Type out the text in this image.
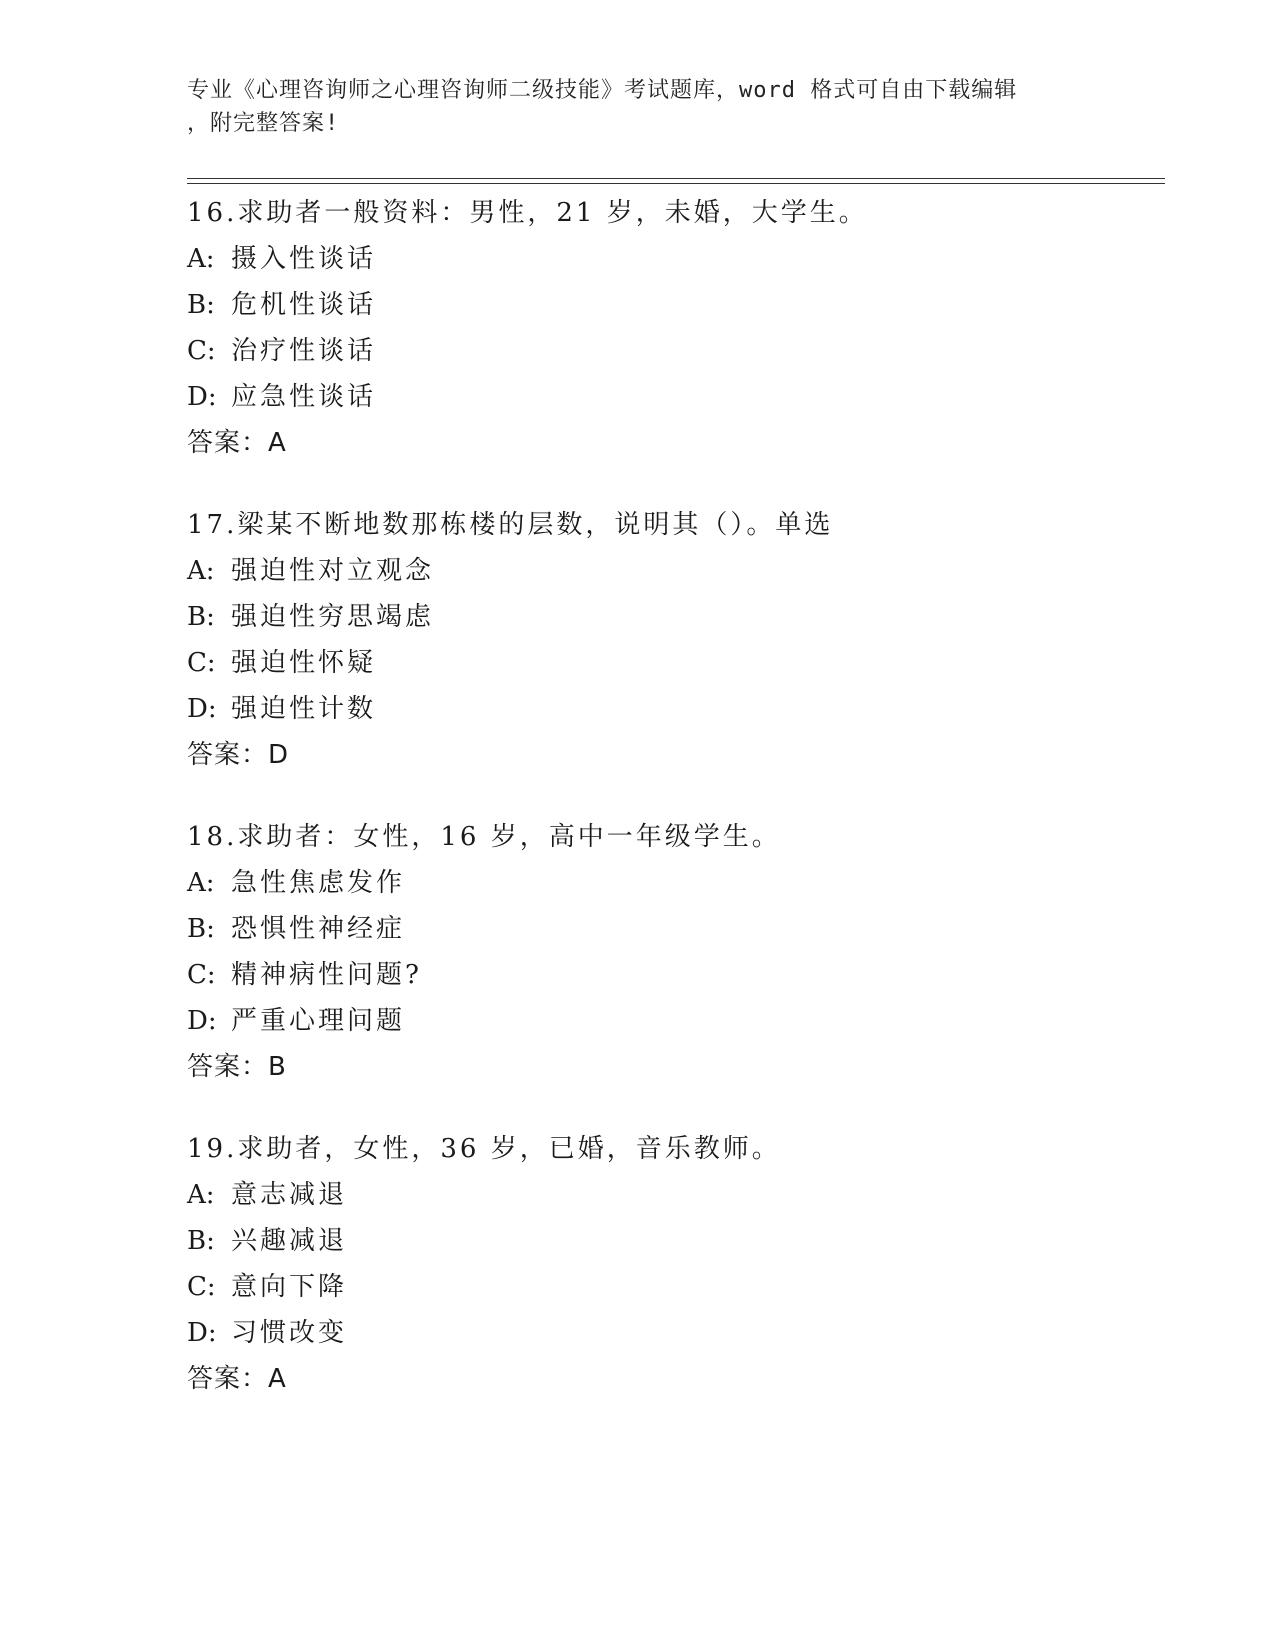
专业《心理咨询师之心理咨询师二级技能》考试题库，word 格式可自由下载编辑
，附完整答案!
16.求助者一般资料：男性，21 岁，未婚，大学生。
A: 摄入性谈话
B: 危机性谈话
C: 治疗性谈话
D: 应急性谈话
答案：A
17.梁某不断地数那栋楼的层数，说明其（）。单选
A: 强迫性对立观念
B: 强迫性穷思竭虑
C: 强迫性怀疑
D: 强迫性计数
答案：D
18.求助者：女性，16 岁，高中一年级学生。
A: 急性焦虑发作
B: 恐惧性神经症
C: 精神病性问题?
D: 严重心理问题
答案：B
19.求助者，女性，36 岁，已婚，音乐教师。
A: 意志减退
B: 兴趣减退
C: 意向下降
D: 习惯改变
答案：A
